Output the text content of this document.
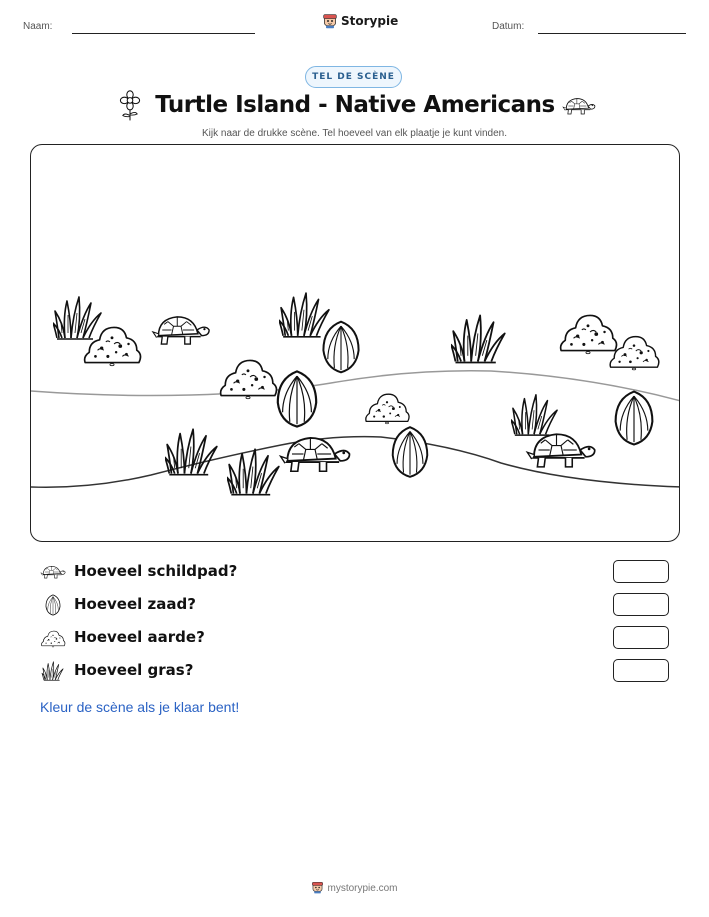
Naam:	Storypie	Datum:
TEL DE SCÈNE
Turtle Island - Native Americans
Kijk naar de drukke scène. Tel hoeveel van elk plaatje je kunt vinden.
Hoeveel schildpad?
Hoeveel zaad?
Hoeveel aarde?
Hoeveel gras?
Kleur de scène als je klaar bent!
mystorypie.com
